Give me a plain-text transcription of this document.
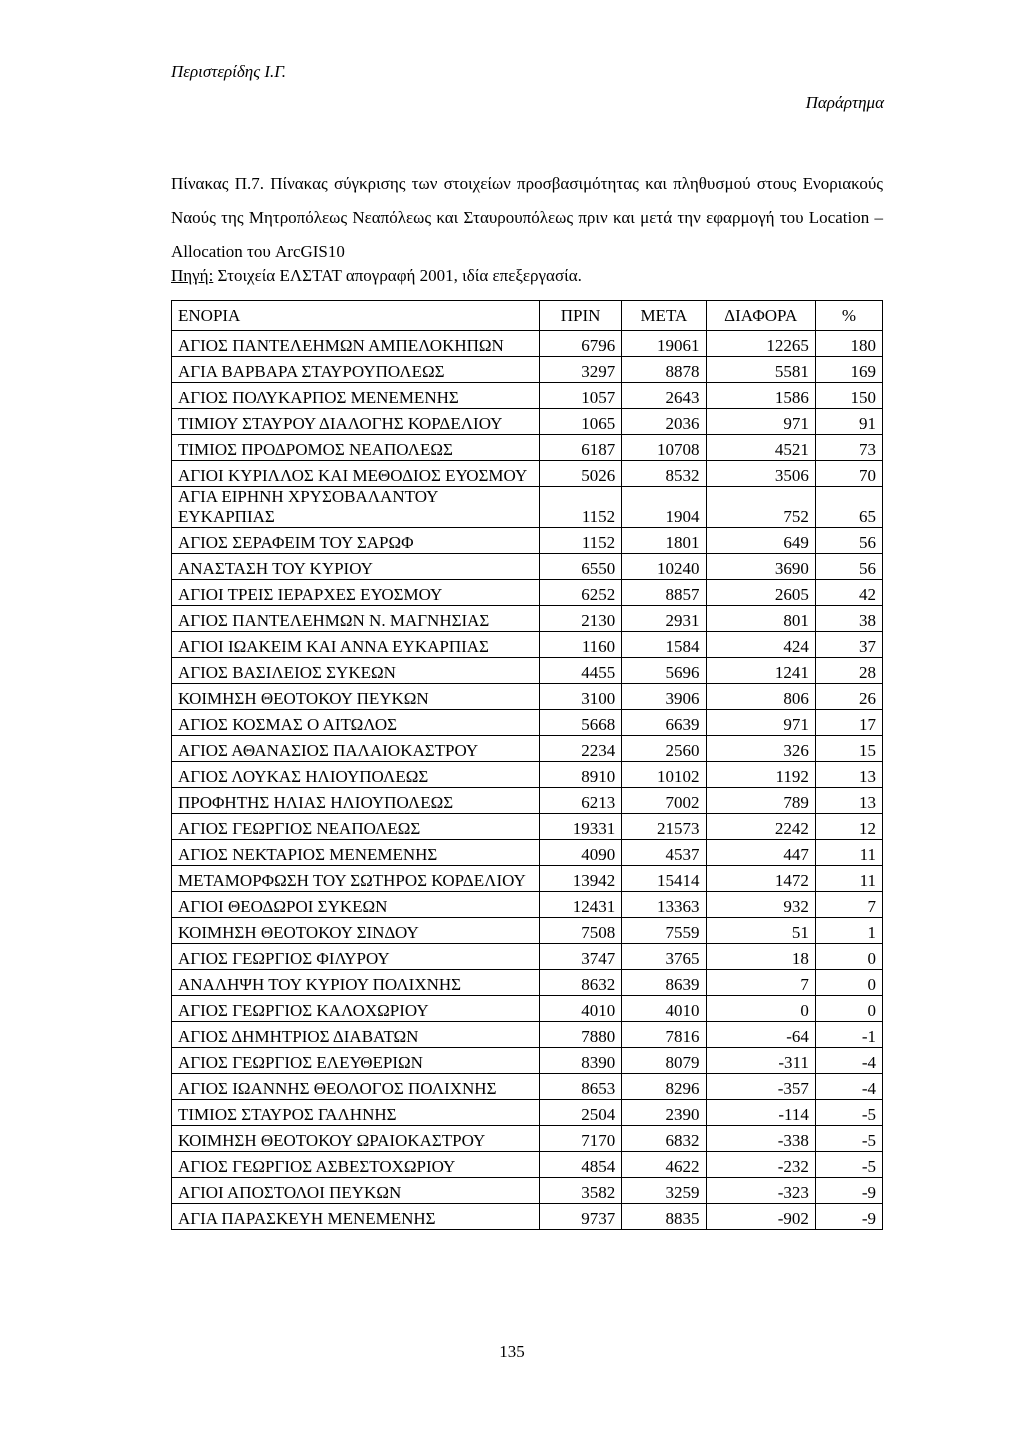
Περιστερίδης Ι.Γ.
Παράρτημα
Πίνακας Π.7. Πίνακας σύγκρισης των στοιχείων προσβασιμότητας και πληθυσμού στους Ενοριακούς Ναούς της Μητροπόλεως Νεαπόλεως και Σταυρουπόλεως πριν και μετά την εφαρμογή του Location – Allocation του ArcGIS10
Πηγή: Στοιχεία ΕΛΣΤΑΤ απογραφή 2001, ιδία επεξεργασία.
ΕΝΟΡΙΑ	ΠΡΙΝ	ΜΕΤΑ	ΔΙΑΦΟΡΑ	%
ΑΓΙΟΣ ΠΑΝΤΕΛΕΗΜΩΝ ΑΜΠΕΛΟΚΗΠΩΝ	6796	19061	12265	180
ΑΓΙΑ ΒΑΡΒΑΡΑ ΣΤΑΥΡΟΥΠΟΛΕΩΣ	3297	8878	5581	169
ΑΓΙΟΣ ΠΟΛΥΚΑΡΠΟΣ ΜΕΝΕΜΕΝΗΣ	1057	2643	1586	150
ΤΙΜΙΟΥ ΣΤΑΥΡΟΥ ΔΙΑΛΟΓΗΣ ΚΟΡΔΕΛΙΟΥ	1065	2036	971	91
ΤΙΜΙΟΣ ΠΡΟΔΡΟΜΟΣ ΝΕΑΠΟΛΕΩΣ	6187	10708	4521	73
ΑΓΙΟΙ ΚΥΡΙΛΛΟΣ ΚΑΙ ΜΕΘΟΔΙΟΣ ΕΥΟΣΜΟΥ	5026	8532	3506	70
ΑΓΙΑ ΕΙΡΗΝΗ ΧΡΥΣΟΒΑΛΑΝΤΟΥ ΕΥΚΑΡΠΙΑΣ	1152	1904	752	65
ΑΓΙΟΣ ΣΕΡΑΦΕΙΜ ΤΟΥ ΣΑΡΩΦ	1152	1801	649	56
ΑΝΑΣΤΑΣΗ ΤΟΥ ΚΥΡΙΟΥ	6550	10240	3690	56
ΑΓΙΟΙ ΤΡΕΙΣ ΙΕΡΑΡΧΕΣ ΕΥΟΣΜΟΥ	6252	8857	2605	42
ΑΓΙΟΣ ΠΑΝΤΕΛΕΗΜΩΝ Ν. ΜΑΓΝΗΣΙΑΣ	2130	2931	801	38
ΑΓΙΟΙ ΙΩΑΚΕΙΜ ΚΑΙ ΑΝΝΑ ΕΥΚΑΡΠΙΑΣ	1160	1584	424	37
ΑΓΙΟΣ ΒΑΣΙΛΕΙΟΣ ΣΥΚΕΩΝ	4455	5696	1241	28
ΚΟΙΜΗΣΗ ΘΕΟΤΟΚΟΥ ΠΕΥΚΩΝ	3100	3906	806	26
ΑΓΙΟΣ ΚΟΣΜΑΣ Ο ΑΙΤΩΛΟΣ	5668	6639	971	17
ΑΓΙΟΣ ΑΘΑΝΑΣΙΟΣ ΠΑΛΑΙΟΚΑΣΤΡΟΥ	2234	2560	326	15
ΑΓΙΟΣ ΛΟΥΚΑΣ ΗΛΙΟΥΠΟΛΕΩΣ	8910	10102	1192	13
ΠΡΟΦΗΤΗΣ ΗΛΙΑΣ ΗΛΙΟΥΠΟΛΕΩΣ	6213	7002	789	13
ΑΓΙΟΣ ΓΕΩΡΓΙΟΣ ΝΕΑΠΟΛΕΩΣ	19331	21573	2242	12
ΑΓΙΟΣ ΝΕΚΤΑΡΙΟΣ ΜΕΝΕΜΕΝΗΣ	4090	4537	447	11
ΜΕΤΑΜΟΡΦΩΣΗ ΤΟΥ ΣΩΤΗΡΟΣ ΚΟΡΔΕΛΙΟΥ	13942	15414	1472	11
ΑΓΙΟΙ ΘΕΟΔΩΡΟΙ ΣΥΚΕΩΝ	12431	13363	932	7
ΚΟΙΜΗΣΗ ΘΕΟΤΟΚΟΥ ΣΙΝΔΟΥ	7508	7559	51	1
ΑΓΙΟΣ ΓΕΩΡΓΙΟΣ ΦΙΛΥΡΟΥ	3747	3765	18	0
ΑΝΑΛΗΨΗ ΤΟΥ ΚΥΡΙΟΥ ΠΟΛΙΧΝΗΣ	8632	8639	7	0
ΑΓΙΟΣ ΓΕΩΡΓΙΟΣ ΚΑΛΟΧΩΡΙΟΥ	4010	4010	0	0
ΑΓΙΟΣ ΔΗΜΗΤΡΙΟΣ ΔΙΑΒΑΤΩΝ	7880	7816	-64	-1
ΑΓΙΟΣ ΓΕΩΡΓΙΟΣ ΕΛΕΥΘΕΡΙΩΝ	8390	8079	-311	-4
ΑΓΙΟΣ ΙΩΑΝΝΗΣ ΘΕΟΛΟΓΟΣ ΠΟΛΙΧΝΗΣ	8653	8296	-357	-4
ΤΙΜΙΟΣ ΣΤΑΥΡΟΣ ΓΑΛΗΝΗΣ	2504	2390	-114	-5
ΚΟΙΜΗΣΗ ΘΕΟΤΟΚΟΥ ΩΡΑΙΟΚΑΣΤΡΟΥ	7170	6832	-338	-5
ΑΓΙΟΣ ΓΕΩΡΓΙΟΣ ΑΣΒΕΣΤΟΧΩΡΙΟΥ	4854	4622	-232	-5
ΑΓΙΟΙ ΑΠΟΣΤΟΛΟΙ ΠΕΥΚΩΝ	3582	3259	-323	-9
ΑΓΙΑ ΠΑΡΑΣΚΕΥΗ ΜΕΝΕΜΕΝΗΣ	9737	8835	-902	-9
135
